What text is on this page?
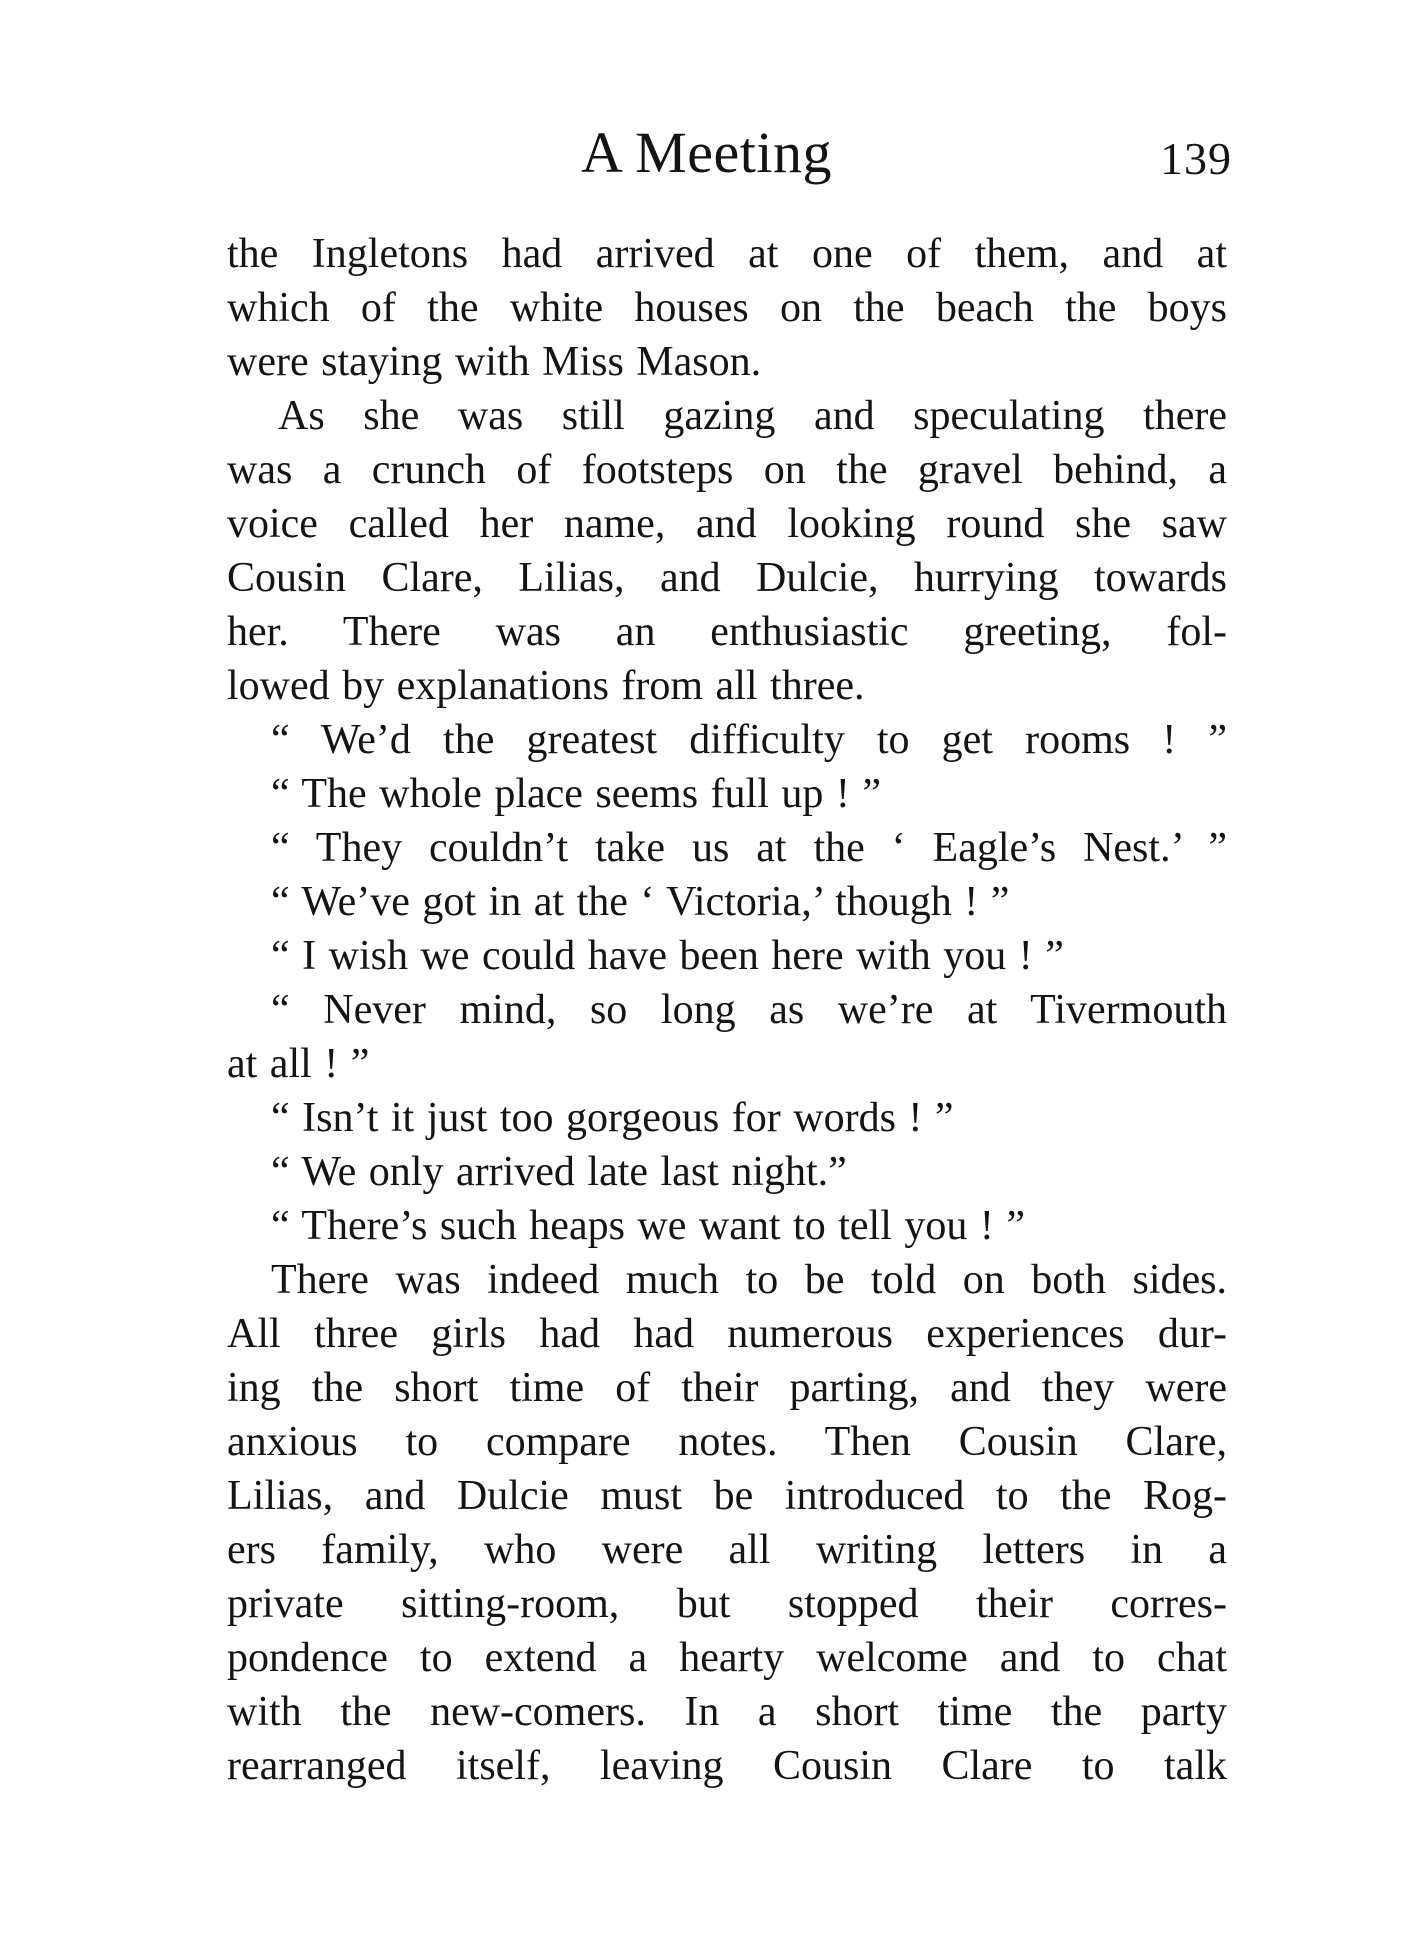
A Meeting	139
the Ingletons had arrived at one of them, and at
which of the white houses on the beach the boys
were staying with Miss Mason.
As she was still gazing and speculating there
was a crunch of footsteps on the gravel behind, a
voice called her name, and looking round she saw
Cousin Clare, Lilias, and Dulcie, hurrying towards
her. There was an enthusiastic greeting, fol-
lowed by explanations from all three.
“ We’d the greatest difficulty to get rooms ! ”
“ The whole place seems full up ! ”
“ They couldn’t take us at the ‘ Eagle’s Nest.’ ”
“ We’ve got in at the ‘ Victoria,’ though ! ”
“ I wish we could have been here with you ! ”
“ Never mind, so long as we’re at Tivermouth
at all ! ”
“ Isn’t it just too gorgeous for words ! ”
“ We only arrived late last night.”
“ There’s such heaps we want to tell you ! ”
There was indeed much to be told on both sides.
All three girls had had numerous experiences dur-
ing the short time of their parting, and they were
anxious to compare notes. Then Cousin Clare,
Lilias, and Dulcie must be introduced to the Rog-
ers family, who were all writing letters in a
private sitting-room, but stopped their corres-
pondence to extend a hearty welcome and to chat
with the new-comers. In a short time the party
rearranged itself, leaving Cousin Clare to talk
